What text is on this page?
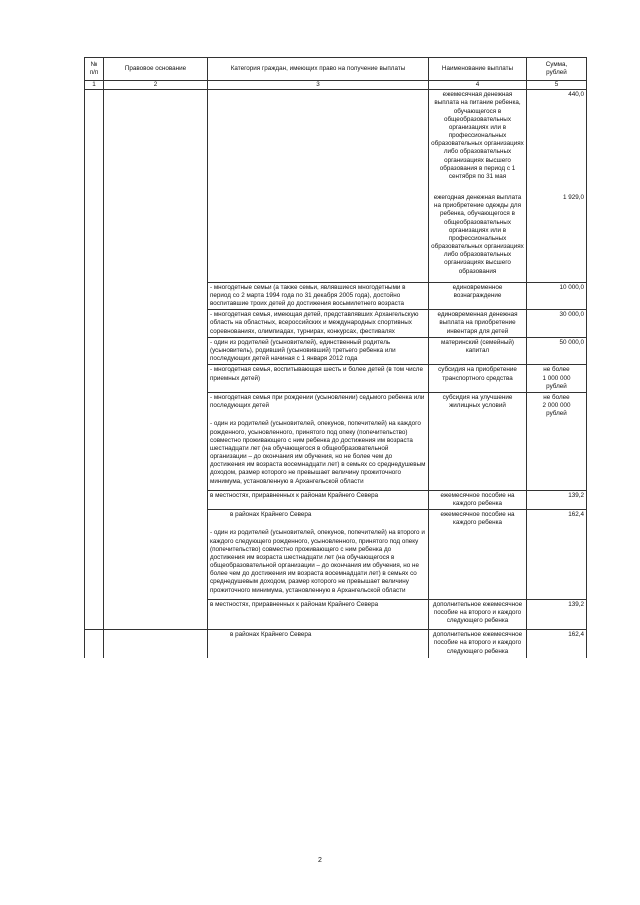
№
п/п	Правовое основание	Категория граждан, имеющих право на получение выплаты	Наименование выплаты	Сумма,
рублей
1	2	3	4	5
			ежемесячная денежная выплата на питание ребенка, обучающегося в общеобразовательных организациях или в профессиональных образовательных организациях либо образовательных организациях высшего образования в период с 1 сентября по 31 мая	440,0
			ежегодная денежная выплата на приобретение одежды для ребенка, обучающегося в общеобразовательных организациях или в профессиональных образовательных организациях либо образовательных организациях высшего образования	1 929,0
		- многодетные семьи (а также семьи, являвшиеся многодетными в период со 2 марта 1994 года по 31 декабря 2005 года), достойно воспитавшие троих детей до достижения восьмилетнего возраста	единовременное вознаграждение	10 000,0
		- многодетная семья, имеющая детей, представлявших Архангельскую область на областных, всероссийских и международных спортивных соревнованиях, олимпиадах, турнирах, конкурсах, фестивалях	единовременная денежная выплата на приобретение инвентаря для детей	30 000,0
		- один из родителей (усыновителей), единственный родитель (усыновитель), родивший (усыновивший) третьего ребенка или последующих детей начиная с 1 января 2012 года	материнский (семейный) капитал	50 000,0
		- многодетная семья, воспитывающая шесть и более детей (в том числе приемных детей)	субсидия на приобретение транспортного средства	не более
1 000 000
рублей
		- многодетная семья при рождении (усыновлении) седьмого ребенка или последующих детей	субсидия на улучшение жилищных условий	не более
2 000 000
рублей
		- один из родителей (усыновителей, опекунов, попечителей) на каждого рожденного, усыновленного, принятого под опеку (попечительство) совместно проживающего с ним ребенка до достижения им возраста шестнадцати лет (на обучающегося в общеобразовательной организации – до окончания им обучения, но не более чем до достижения им возраста восемнадцати лет) в семьях со среднедушевым доходом, размер которого не превышает величину прожиточного минимума, установленную в Архангельской области		
		в местностях, приравненных к районам Крайнего Севера	ежемесячное пособие на каждого ребенка	139,2
		в районах Крайнего Севера	ежемесячное пособие на каждого ребенка	162,4
		- один из родителей (усыновителей, опекунов, попечителей) на второго и каждого следующего рожденного, усыновленного, принятого под опеку (попечительство) совместно проживающего с ним ребенка до достижения им возраста шестнадцати лет (на обучающегося в общеобразовательной организации – до окончания им обучения, но не более чем до достижения им возраста восемнадцати лет) в семьях со среднедушевым доходом, размер которого не превышает величину прожиточного минимума, установленную в Архангельской области		
		в местностях, приравненных к районам Крайнего Севера	дополнительное ежемесячное пособие на второго и каждого следующего ребенка	139,2
		в районах Крайнего Севера	дополнительное ежемесячное пособие на второго и каждого следующего ребенка	162,4
2
